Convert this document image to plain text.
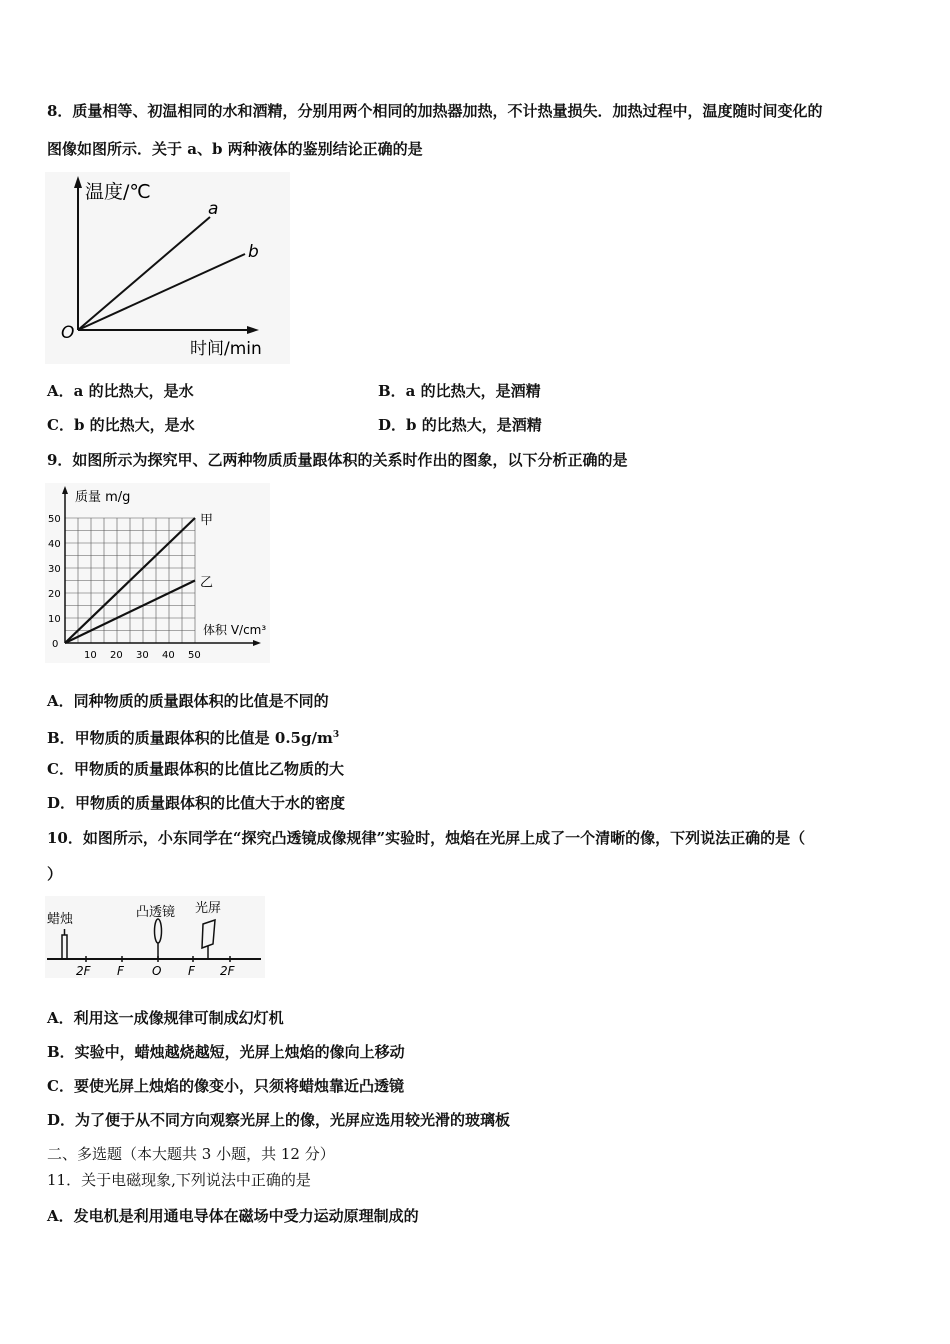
8．质量相等、初温相同的水和酒精，分别用两个相同的加热器加热，不计热量损失．加热过程中，温度随时间变化的
图像如图所示．关于 a、b 两种液体的鉴别结论正确的是
温度/℃
时间/min
O
a
b
A．a 的比热大，是水	B．a 的比热大，是酒精
C．b 的比热大，是水	D．b 的比热大，是酒精
9．如图所示为探究甲、乙两种物质质量跟体积的关系时作出的图象，以下分析正确的是
10 20 30 40 50
10
20
30
40
50	甲
乙
质量 m/g
体积 V/cm³
0
A．同种物质的质量跟体积的比值是不同的
B．甲物质的质量跟体积的比值是 $0.5g/m^3$
C．甲物质的质量跟体积的比值比乙物质的大
D．甲物质的质量跟体积的比值大于水的密度
10．如图所示，小东同学在“探究凸透镜成像规律”实验时，烛焰在光屏上成了一个清晰的像，下列说法正确的是（
）
蜡烛	凸透镜 光屏
2F F O F 2F
A．利用这一成像规律可制成幻灯机
B．实验中，蜡烛越烧越短，光屏上烛焰的像向上移动
C．要使光屏上烛焰的像变小，只须将蜡烛靠近凸透镜
D．为了便于从不同方向观察光屏上的像，光屏应选用较光滑的玻璃板
二、多选题（本大题共 3 小题，共 12 分）
11．关于电磁现象,下列说法中正确的是
A．发电机是利用通电导体在磁场中受力运动原理制成的
